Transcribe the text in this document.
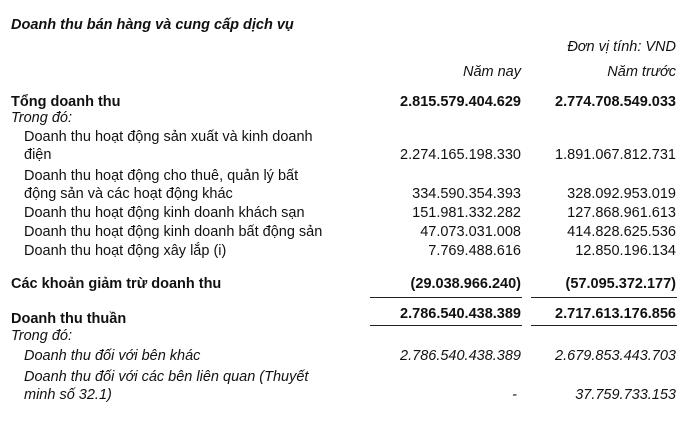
Doanh thu bán hàng và cung cấp dịch vụ
Đơn vị tính: VND
Năm nay	Năm trước
Tổng doanh thu	2.815.579.404.629 2.774.708.549.033
Trong đó:
Doanh thu hoạt động sản xuất và kinh doanh
điện	2.274.165.198.330 1.891.067.812.731
Doanh thu hoạt động cho thuê, quản lý bất
động sản và các hoạt động khác	334.590.354.393	328.092.953.019
Doanh thu hoạt động kinh doanh khách sạn	151.981.332.282	127.868.961.613
Doanh thu hoạt động kinh doanh bất động sản	47.073.031.008	414.828.625.536
Doanh thu hoạt động xây lắp (i)	7.769.488.616	12.850.196.134
Các khoản giảm trừ doanh thu	(29.038.966.240)	(57.095.372.177)
Doanh thu thuần	2.786.540.438.389 2.717.613.176.856
Trong đó:
Doanh thu đối với bên khác	2.786.540.438.389 2.679.853.443.703
Doanh thu đối với các bên liên quan (Thuyết
minh số 32.1)	-	37.759.733.153
